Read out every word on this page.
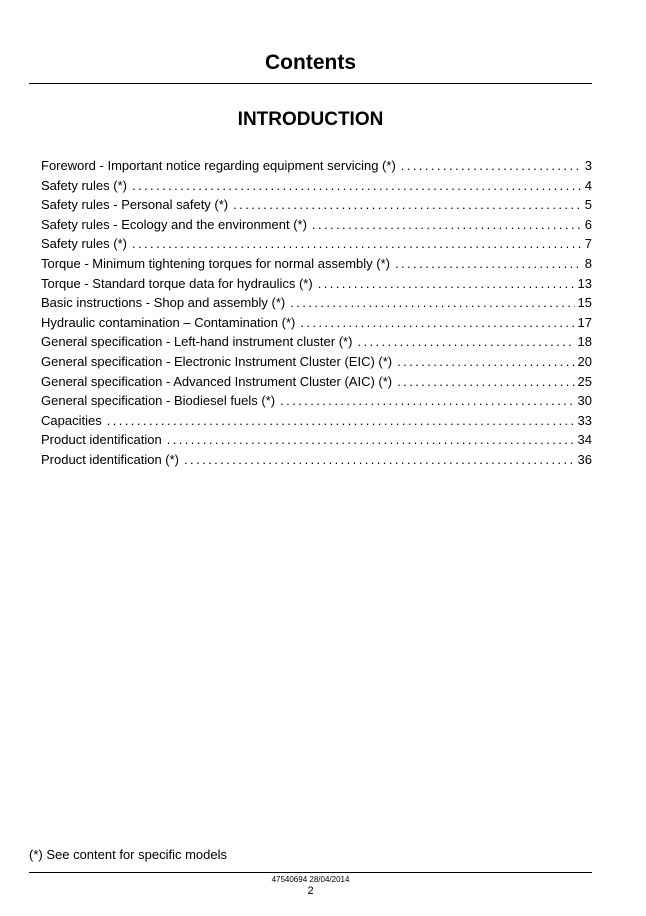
Contents
INTRODUCTION
Foreword - Important notice regarding equipment servicing (*) . . .	3
Safety rules (*) . . .	4
Safety rules - Personal safety (*) . . .	5
Safety rules - Ecology and the environment (*) . . .	6
Safety rules (*) . . .	7
Torque - Minimum tightening torques for normal assembly (*) . . .	8
Torque - Standard torque data for hydraulics (*) . . .	13
Basic instructions - Shop and assembly (*) . . .	15
Hydraulic contamination – Contamination (*) . . .	17
General specification - Left-hand instrument cluster (*) . . .	18
General specification - Electronic Instrument Cluster (EIC) (*) . . .	20
General specification - Advanced Instrument Cluster (AIC) (*) . . .	25
General specification - Biodiesel fuels (*) . . .	30
Capacities . . .	33
Product identification . . .	34
Product identification (*) . . .	36

(*) See content for specific models

47540694 28/04/2014
2
